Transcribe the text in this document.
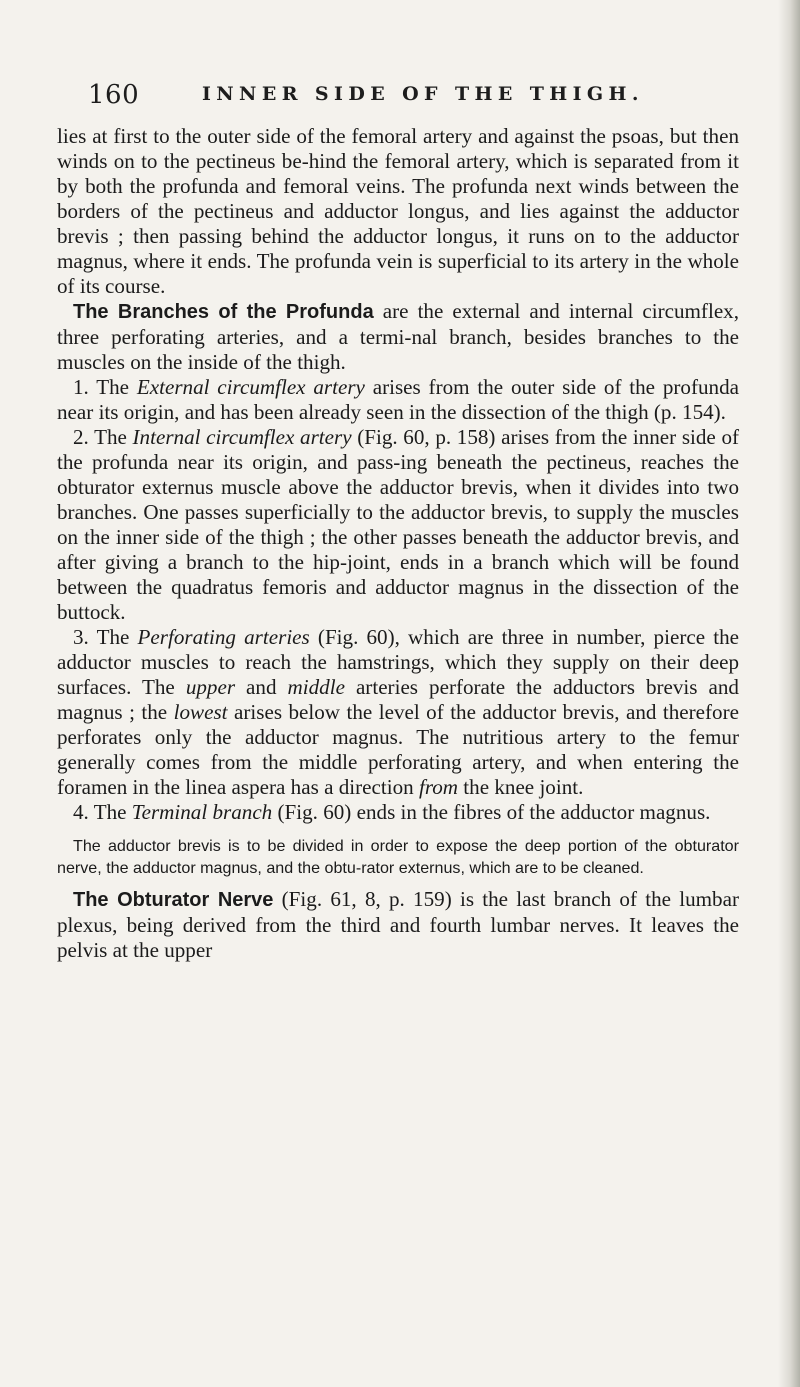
160	INNER SIDE OF THE THIGH.

lies at first to the outer side of the femoral artery and against the psoas, but then winds on to the pectineus be-hind the femoral artery, which is separated from it by both the profunda and femoral veins. The profunda next winds between the borders of the pectineus and adductor longus, and lies against the adductor brevis ; then passing behind the adductor longus, it runs on to the adductor magnus, where it ends. The profunda vein is superficial to its artery in the whole of its course.

The Branches of the Profunda are the external and internal circumflex, three perforating arteries, and a termi-nal branch, besides branches to the muscles on the inside of the thigh.

1. The External circumflex artery arises from the outer side of the profunda near its origin, and has been already seen in the dissection of the thigh (p. 154).

2. The Internal circumflex artery (Fig. 60, p. 158) arises from the inner side of the profunda near its origin, and pass-ing beneath the pectineus, reaches the obturator externus muscle above the adductor brevis, when it divides into two branches. One passes superficially to the adductor brevis, to supply the muscles on the inner side of the thigh ; the other passes beneath the adductor brevis, and after giving a branch to the hip-joint, ends in a branch which will be found between the quadratus femoris and adductor magnus in the dissection of the buttock.

3. The Perforating arteries (Fig. 60), which are three in number, pierce the adductor muscles to reach the hamstrings, which they supply on their deep surfaces. The upper and middle arteries perforate the adductors brevis and magnus ; the lowest arises below the level of the adductor brevis, and therefore perforates only the adductor magnus. The nutritious artery to the femur generally comes from the middle perforating artery, and when entering the foramen in the linea aspera has a direction from the knee joint.

4. The Terminal branch (Fig. 60) ends in the fibres of the adductor magnus.

The adductor brevis is to be divided in order to expose the deep portion of the obturator nerve, the adductor magnus, and the obtu-rator externus, which are to be cleaned.

The Obturator Nerve (Fig. 61, 8, p. 159) is the last branch of the lumbar plexus, being derived from the third and fourth lumbar nerves. It leaves the pelvis at the upper
